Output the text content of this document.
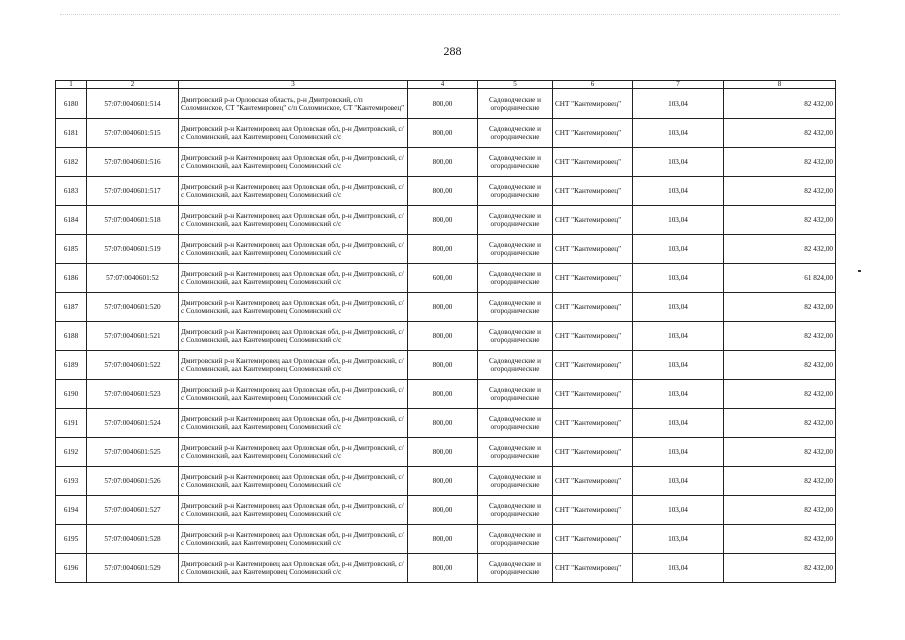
288
1	2	3	4	5	6	7	8
6180	57:07:0040601:514	Дмитровский р-н Орловская область, р-н Дмитровский, с/п Соломинское, СТ "Кантемировец" с/п Соломинское, СТ "Кантемировец"	800,00	Садоводческие и огороднические	СНТ "Кантемировец"	103,04	82 432,00
6181	57:07:0040601:515	Дмитровский р-н Кантемировец аал Орловская обл, р-н Дмитровский, с/с Соломинский, аал Кантемировец Соломинский с/с	800,00	Садоводческие и огороднические	СНТ "Кантемировец"	103,04	82 432,00
6182	57:07:0040601:516	Дмитровский р-н Кантемировец аал Орловская обл, р-н Дмитровский, с/с Соломинский, аал Кантемировец Соломинский с/с	800,00	Садоводческие и огороднические	СНТ "Кантемировец"	103,04	82 432,00
6183	57:07:0040601:517	Дмитровский р-н Кантемировец аал Орловская обл, р-н Дмитровский, с/с Соломинский, аал Кантемировец Соломинский с/с	800,00	Садоводческие и огороднические	СНТ "Кантемировец"	103,04	82 432,00
6184	57:07:0040601:518	Дмитровский р-н Кантемировец аал Орловская обл, р-н Дмитровский, с/с Соломинский, аал Кантемировец Соломинский с/с	800,00	Садоводческие и огороднические	СНТ "Кантемировец"	103,04	82 432,00
6185	57:07:0040601:519	Дмитровский р-н Кантемировец аал Орловская обл, р-н Дмитровский, с/с Соломинский, аал Кантемировец Соломинский с/с	800,00	Садоводческие и огороднические	СНТ "Кантемировец"	103,04	82 432,00
6186	57:07:0040601:52	Дмитровский р-н Кантемировец аал Орловская обл, р-н Дмитровский, с/с Соломинский, аал Кантемировец Соломинский с/с	600,00	Садоводческие и огороднические	СНТ "Кантемировец"	103,04	61 824,00
6187	57:07:0040601:520	Дмитровский р-н Кантемировец аал Орловская обл, р-н Дмитровский, с/с Соломинский, аал Кантемировец Соломинский с/с	800,00	Садоводческие и огороднические	СНТ "Кантемировец"	103,04	82 432,00
6188	57:07:0040601:521	Дмитровский р-н Кантемировец аал Орловская обл, р-н Дмитровский, с/с Соломинский, аал Кантемировец Соломинский с/с	800,00	Садоводческие и огороднические	СНТ "Кантемировец"	103,04	82 432,00
6189	57:07:0040601:522	Дмитровский р-н Кантемировец аал Орловская обл, р-н Дмитровский, с/с Соломинский, аал Кантемировец Соломинский с/с	800,00	Садоводческие и огороднические	СНТ "Кантемировец"	103,04	82 432,00
6190	57:07:0040601:523	Дмитровский р-н Кантемировец аал Орловская обл, р-н Дмитровский, с/с Соломинский, аал Кантемировец Соломинский с/с	800,00	Садоводческие и огороднические	СНТ "Кантемировец"	103,04	82 432,00
6191	57:07:0040601:524	Дмитровский р-н Кантемировец аал Орловская обл, р-н Дмитровский, с/с Соломинский, аал Кантемировец Соломинский с/с	800,00	Садоводческие и огороднические	СНТ "Кантемировец"	103,04	82 432,00
6192	57:07:0040601:525	Дмитровский р-н Кантемировец аал Орловская обл, р-н Дмитровский, с/с Соломинский, аал Кантемировец Соломинский с/с	800,00	Садоводческие и огороднические	СНТ "Кантемировец"	103,04	82 432,00
6193	57:07:0040601:526	Дмитровский р-н Кантемировец аал Орловская обл, р-н Дмитровский, с/с Соломинский, аал Кантемировец Соломинский с/с	800,00	Садоводческие и огороднические	СНТ "Кантемировец"	103,04	82 432,00
6194	57:07:0040601:527	Дмитровский р-н Кантемировец аал Орловская обл, р-н Дмитровский, с/с Соломинский, аал Кантемировец Соломинский с/с	800,00	Садоводческие и огороднические	СНТ "Кантемировец"	103,04	82 432,00
6195	57:07:0040601:528	Дмитровский р-н Кантемировец аал Орловская обл, р-н Дмитровский, с/с Соломинский, аал Кантемировец Соломинский с/с	800,00	Садоводческие и огороднические	СНТ "Кантемировец"	103,04	82 432,00
6196	57:07:0040601:529	Дмитровский р-н Кантемировец аал Орловская обл, р-н Дмитровский, с/с Соломинский, аал Кантемировец Соломинский с/с	800,00	Садоводческие и огороднические	СНТ "Кантемировец"	103,04	82 432,00
